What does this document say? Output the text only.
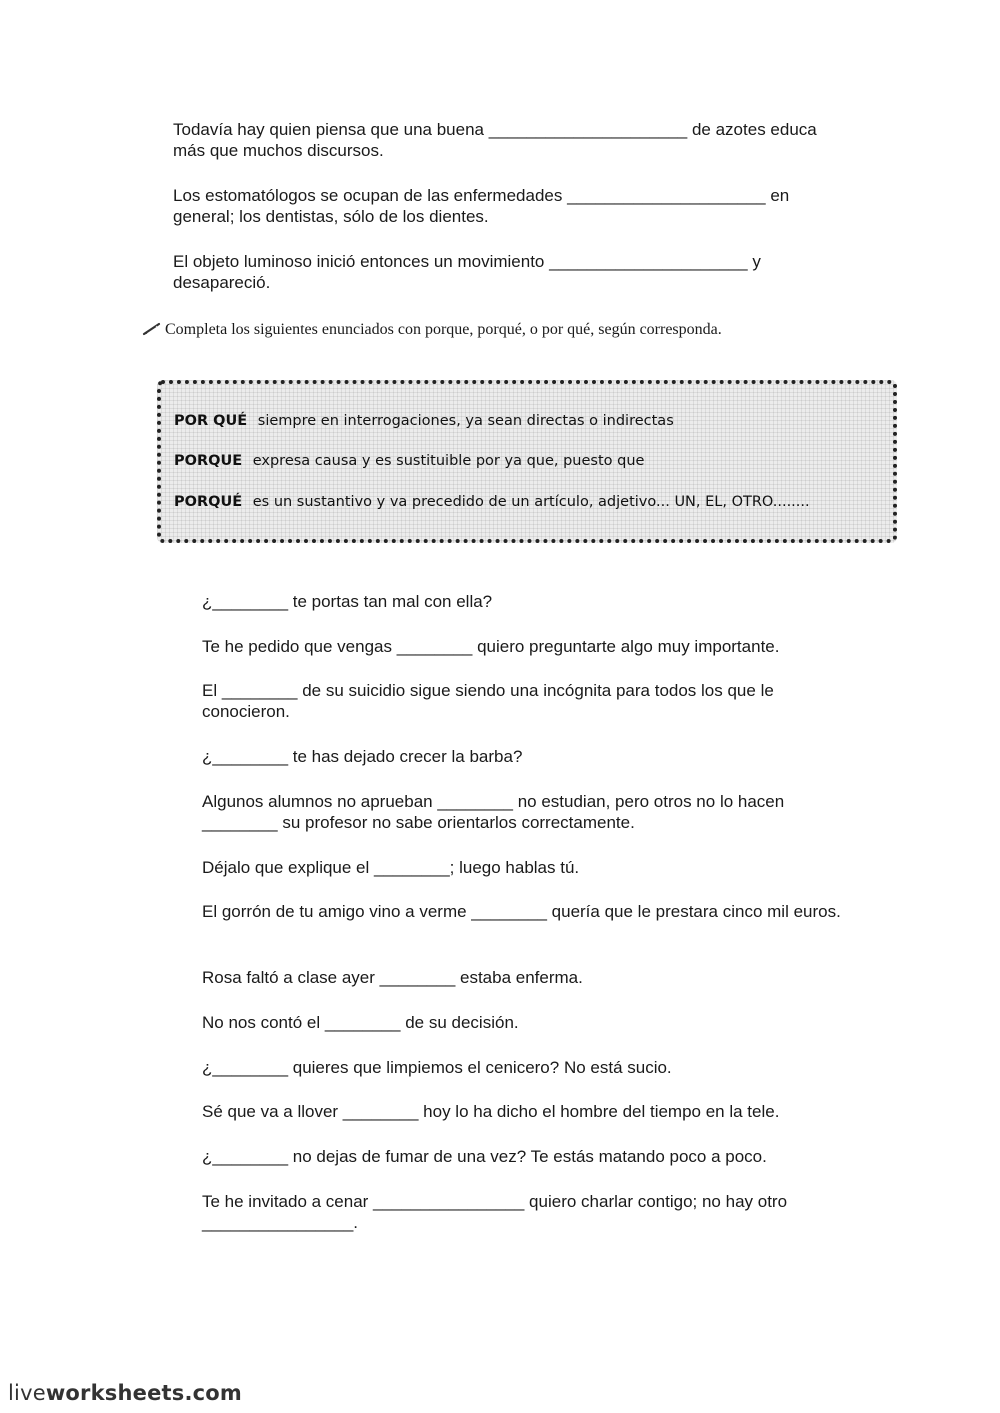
Todavía hay quien piensa que una buena _____________________ de azotes educa más que muchos discursos.

Los estomatólogos se ocupan de las enfermedades _____________________ en general; los dentistas, sólo de los dientes.

El objeto luminoso inició entonces un movimiento _____________________ y desapareció.

Completa los siguientes enunciados con porque, porqué, o por qué, según corresponda.
POR QUÉ siempre en interrogaciones, ya sean directas o indirectas
PORQUE expresa causa y es sustituible por ya que, puesto que
PORQUÉ es un sustantivo y va precedido de un artículo, adjetivo... UN, EL, OTRO........

¿________ te portas tan mal con ella?

Te he pedido que vengas ________ quiero preguntarte algo muy importante.

El ________ de su suicidio sigue siendo una incógnita para todos los que le conocieron.

¿________ te has dejado crecer la barba?

Algunos alumnos no aprueban ________ no estudian, pero otros no lo hacen ________ su profesor no sabe orientarlos correctamente.

Déjalo que explique el ________; luego hablas tú.

El gorrón de tu amigo vino a verme ________ quería que le prestara cinco mil euros.

Rosa faltó a clase ayer ________ estaba enferma.

No nos contó el ________ de su decisión.

¿________ quieres que limpiemos el cenicero? No está sucio.

Sé que va a llover ________ hoy lo ha dicho el hombre del tiempo en la tele.

¿________ no dejas de fumar de una vez? Te estás matando poco a poco.

Te he invitado a cenar ________________ quiero charlar contigo; no hay otro ________________.

liveworksheets.com
